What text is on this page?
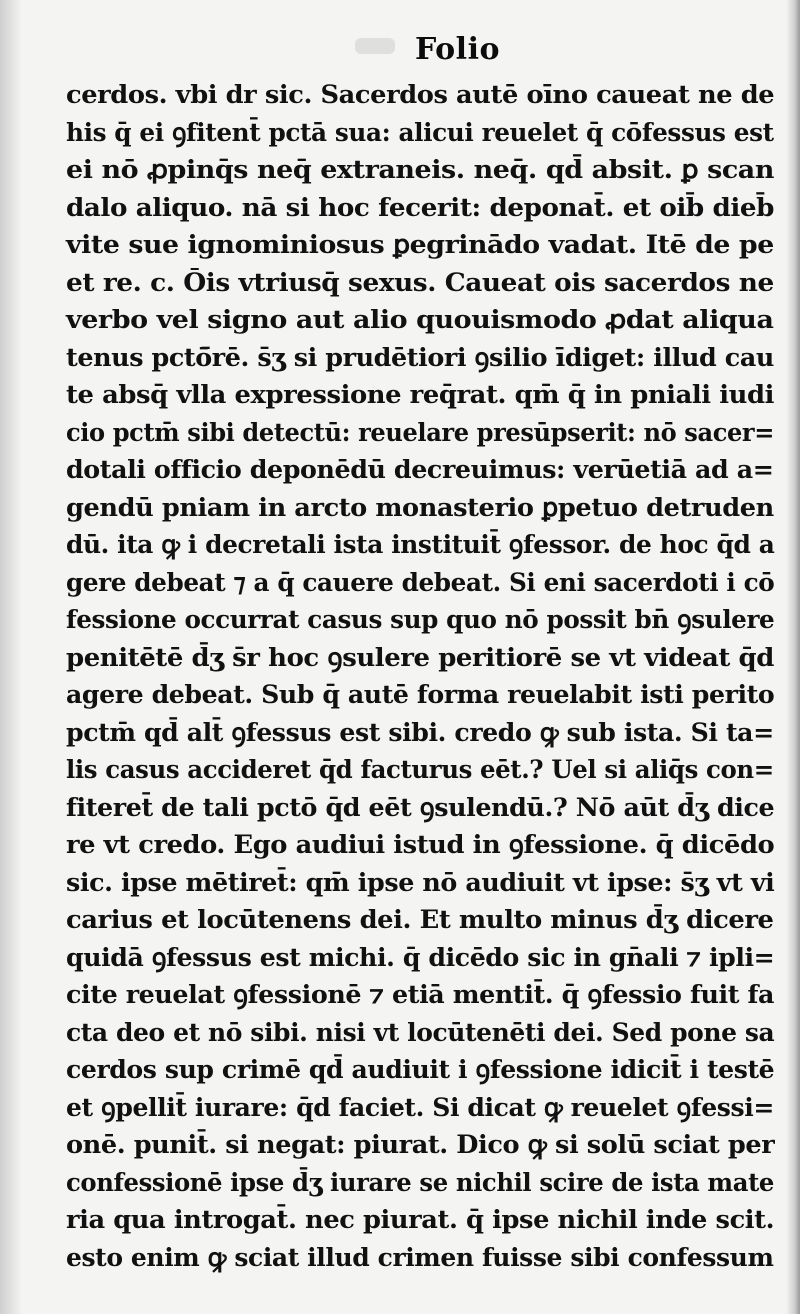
Folio
cerdos. vbi dr sic. Sacerdos autē oīno caueat ne de
his q̄ ei ꝯfitent̄ pctā sua: alicui reuelet q̄ cōfessus est
ei nō ꝓpinq̄s neq̄ extraneis. neq̄. qd̄ absit. ꝑ scan
dalo aliquo. nā si hoc fecerit: deponat̄. et oib̄ dieb̄
vite sue ignominiosus ꝑegrinādo vadat. Itē de pe
et re. c. Ōis vtriusq̄ sexus. Caueat ois sacerdos ne
verbo vel signo aut alio quouismodo ꝓdat aliqua
tenus pctō̄rē. s̄ʒ si prudētiori ꝯsilio īdiget: illud cau
te absq̄ vlla expressione req̄rat. qm̄ q̄ in pniali iudi
cio pctm̄ sibi detectū: reuelare presūpserit: nō sacer=
dotali officio deponēdū decreuimus: verūetiā ad a=
gendū pniam in arcto monasterio ꝑpetuo detruden
dū. ita ꝙ i decretali ista instituit̄ ꝯfessor. de hoc q̄d a
gere debeat ⁊ a q̄ cauere debeat. Si eni sacerdoti i cō
fessione occurrat casus sup quo nō possit bn̄ ꝯsulere
penitētē d̄ʒ s̄r hoc ꝯsulere peritiorē se vt videat q̄d
agere debeat. Sub q̄ autē forma reuelabit isti perito
pctm̄ qd̄ alt̄ ꝯfessus est sibi. credo ꝙ sub ista. Si ta=
lis casus accideret q̄d facturus eēt.? Uel si aliq̄s con=
fiteret̄ de tali pctō q̄d eēt ꝯsulendū.? Nō aūt d̄ʒ dice
re vt credo. Ego audiui istud in ꝯfessione. q̄ dicēdo
sic. ipse mētiret̄: qm̄ ipse nō audiuit vt ipse: s̄ʒ vt vi
carius et locūtenens dei. Et multo minus d̄ʒ dicere
quidā ꝯfessus est michi. q̄ dicēdo sic in gn̄ali ⁊ ipli=
cite reuelat ꝯfessionē ⁊ etiā mentit̄. q̄ ꝯfessio fuit fa
cta deo et nō sibi. nisi vt locūtenēti dei. Sed pone sa
cerdos sup crimē qd̄ audiuit i ꝯfessione idicit̄ i testē
et ꝯpellit̄ iurare: q̄d faciet. Si dicat ꝙ reuelet ꝯfessi=
onē. punit̄. si negat: piurat. Dico ꝙ si solū sciat per
confessionē ipse d̄ʒ iurare se nichil scire de ista mate
ria qua introgat̄. nec piurat. q̄ ipse nichil inde scit.
esto enim ꝙ sciat illud crimen fuisse sibi confessum
